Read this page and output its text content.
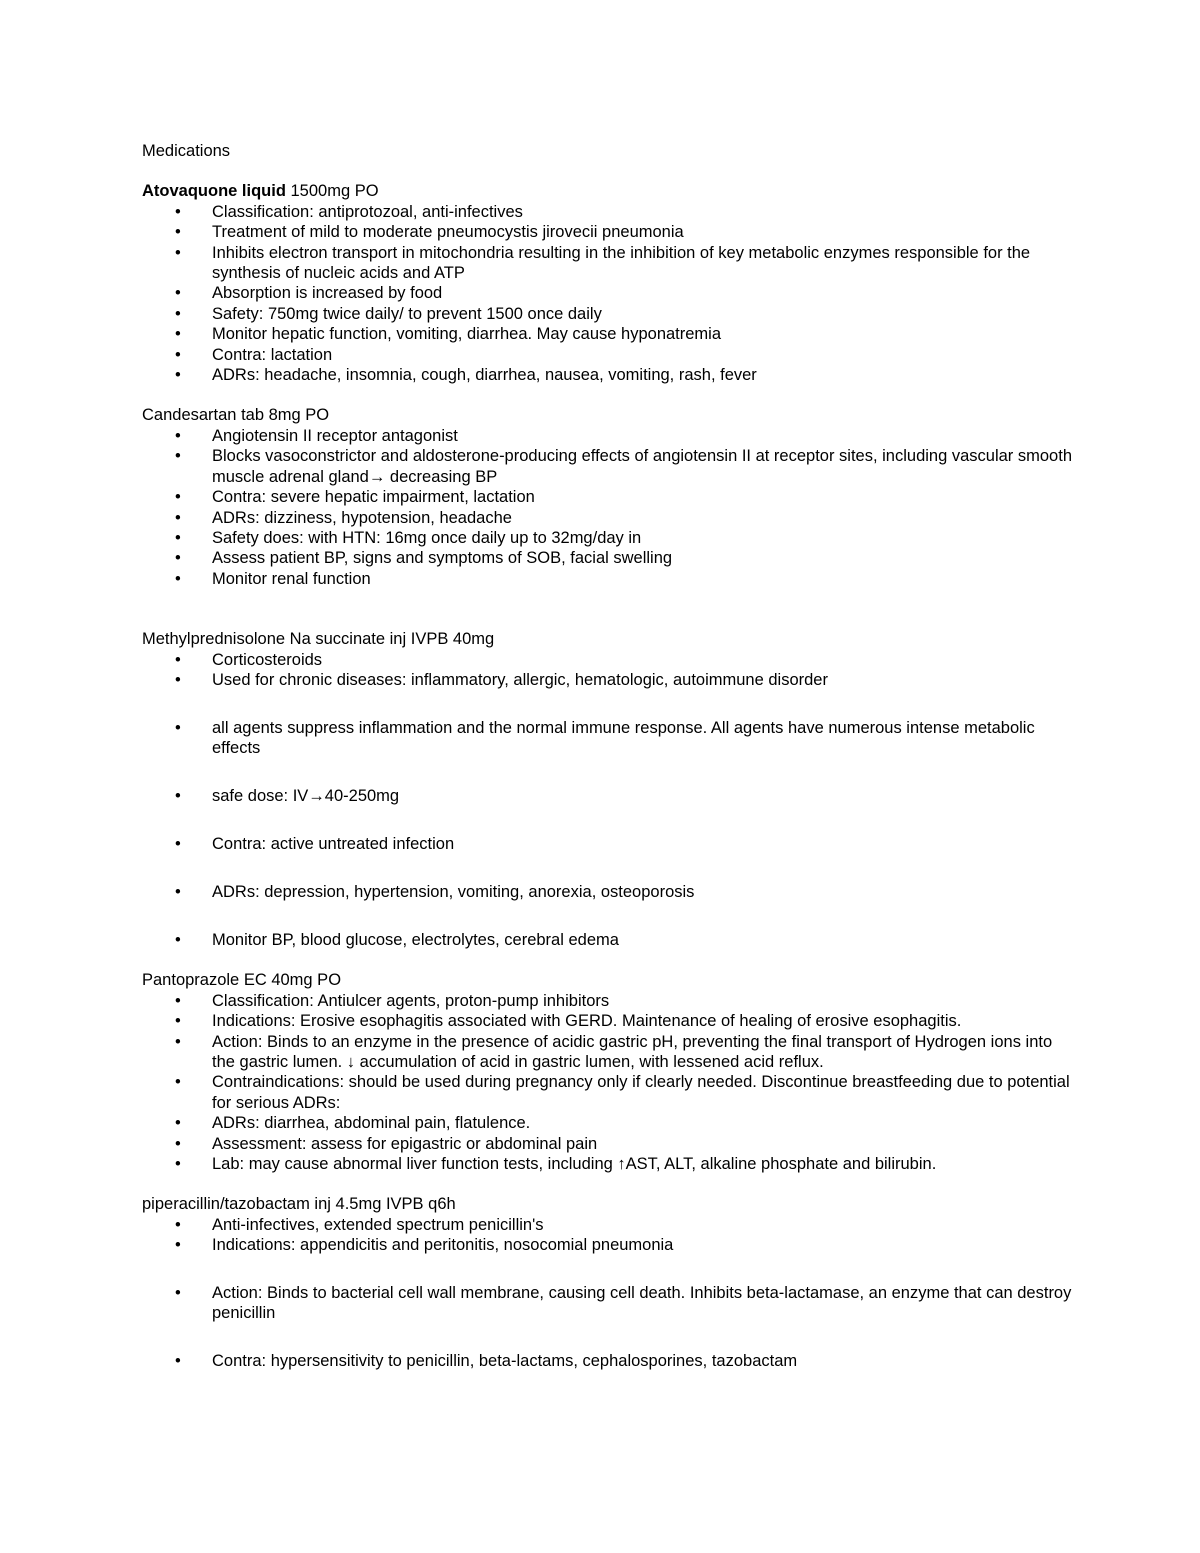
Medications

Atovaquone liquid 1500mg PO

• Classification: antiprotozoal, anti-infectives
• Treatment of mild to moderate pneumocystis jirovecii pneumonia
• Inhibits electron transport in mitochondria resulting in the inhibition of key metabolic enzymes responsible for the synthesis of nucleic acids and ATP
• Absorption is increased by food
• Safety: 750mg twice daily/ to prevent 1500 once daily
• Monitor hepatic function, vomiting, diarrhea. May cause hyponatremia
• Contra: lactation
• ADRs: headache, insomnia, cough, diarrhea, nausea, vomiting, rash, fever

Candesartan tab 8mg PO

• Angiotensin II receptor antagonist
• Blocks vasoconstrictor and aldosterone-producing effects of angiotensin II at receptor sites, including vascular smooth muscle adrenal gland→ decreasing BP
• Contra: severe hepatic impairment, lactation
• ADRs: dizziness, hypotension, headache
• Safety does: with HTN: 16mg once daily up to 32mg/day in
• Assess patient BP, signs and symptoms of SOB, facial swelling
• Monitor renal function

Methylprednisolone Na succinate inj IVPB 40mg

• Corticosteroids
• Used for chronic diseases: inflammatory, allergic, hematologic, autoimmune disorder
• all agents suppress inflammation and the normal immune response. All agents have numerous intense metabolic effects
• safe dose: IV→40-250mg
• Contra: active untreated infection
• ADRs: depression, hypertension, vomiting, anorexia, osteoporosis
• Monitor BP, blood glucose, electrolytes, cerebral edema

Pantoprazole EC 40mg PO

• Classification: Antiulcer agents, proton-pump inhibitors
• Indications: Erosive esophagitis associated with GERD. Maintenance of healing of erosive esophagitis.
• Action: Binds to an enzyme in the presence of acidic gastric pH, preventing the final transport of Hydrogen ions into the gastric lumen. ↓ accumulation of acid in gastric lumen, with lessened acid reflux.
• Contraindications: should be used during pregnancy only if clearly needed. Discontinue breastfeeding due to potential for serious ADRs:
• ADRs: diarrhea, abdominal pain, flatulence.
• Assessment: assess for epigastric or abdominal pain
• Lab: may cause abnormal liver function tests, including ↑AST, ALT, alkaline phosphate and bilirubin.

piperacillin/tazobactam inj 4.5mg IVPB q6h

• Anti-infectives, extended spectrum penicillin's
• Indications: appendicitis and peritonitis, nosocomial pneumonia
• Action: Binds to bacterial cell wall membrane, causing cell death. Inhibits beta-lactamase, an enzyme that can destroy penicillin
• Contra: hypersensitivity to penicillin, beta-lactams, cephalosporines, tazobactam
